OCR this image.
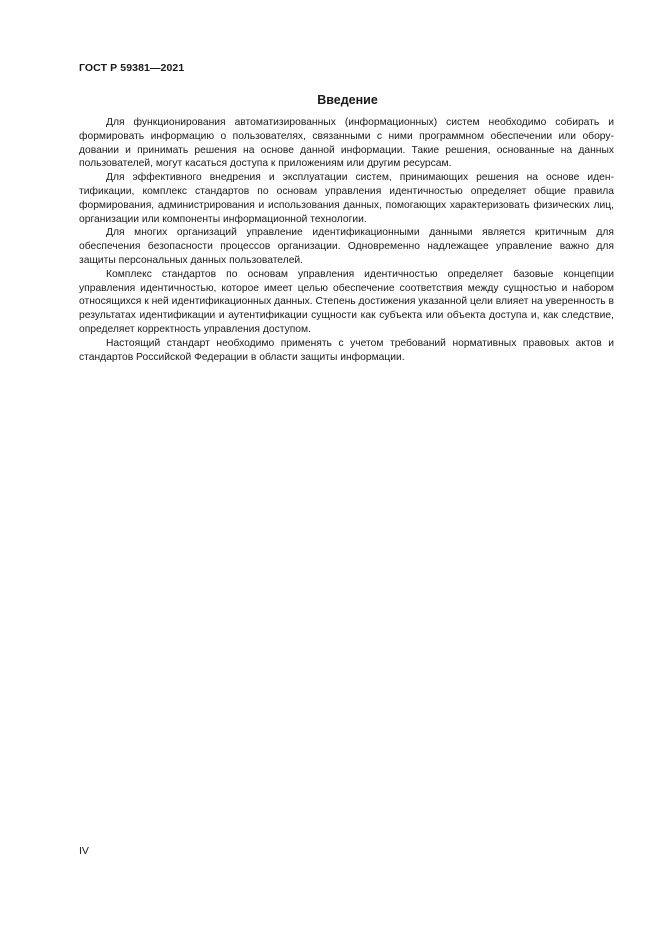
ГОСТ Р 59381—2021
Введение

Для функционирования автоматизированных (информационных) систем необходимо собирать и формировать информацию о пользователях, связанными с ними программном обеспечении или оборудовании и принимать решения на основе данной информации. Такие решения, основанные на данных пользователей, могут касаться доступа к приложениям или другим ресурсам.

Для эффективного внедрения и эксплуатации систем, принимающих решения на основе идентификации, комплекс стандартов по основам управления идентичностью определяет общие правила формирования, администрирования и использования данных, помогающих характеризовать физических лиц, организации или компоненты информационной технологии.

Для многих организаций управление идентификационными данными является критичным для обеспечения безопасности процессов организации. Одновременно надлежащее управление важно для защиты персональных данных пользователей.

Комплекс стандартов по основам управления идентичностью определяет базовые концепции управления идентичностью, которое имеет целью обеспечение соответствия между сущностью и набором относящихся к ней идентификационных данных. Степень достижения указанной цели влияет на уверенность в результатах идентификации и аутентификации сущности как субъекта или объекта доступа и, как следствие, определяет корректность управления доступом.

Настоящий стандарт необходимо применять с учетом требований нормативных правовых актов и стандартов Российской Федерации в области защиты информации.

IV
